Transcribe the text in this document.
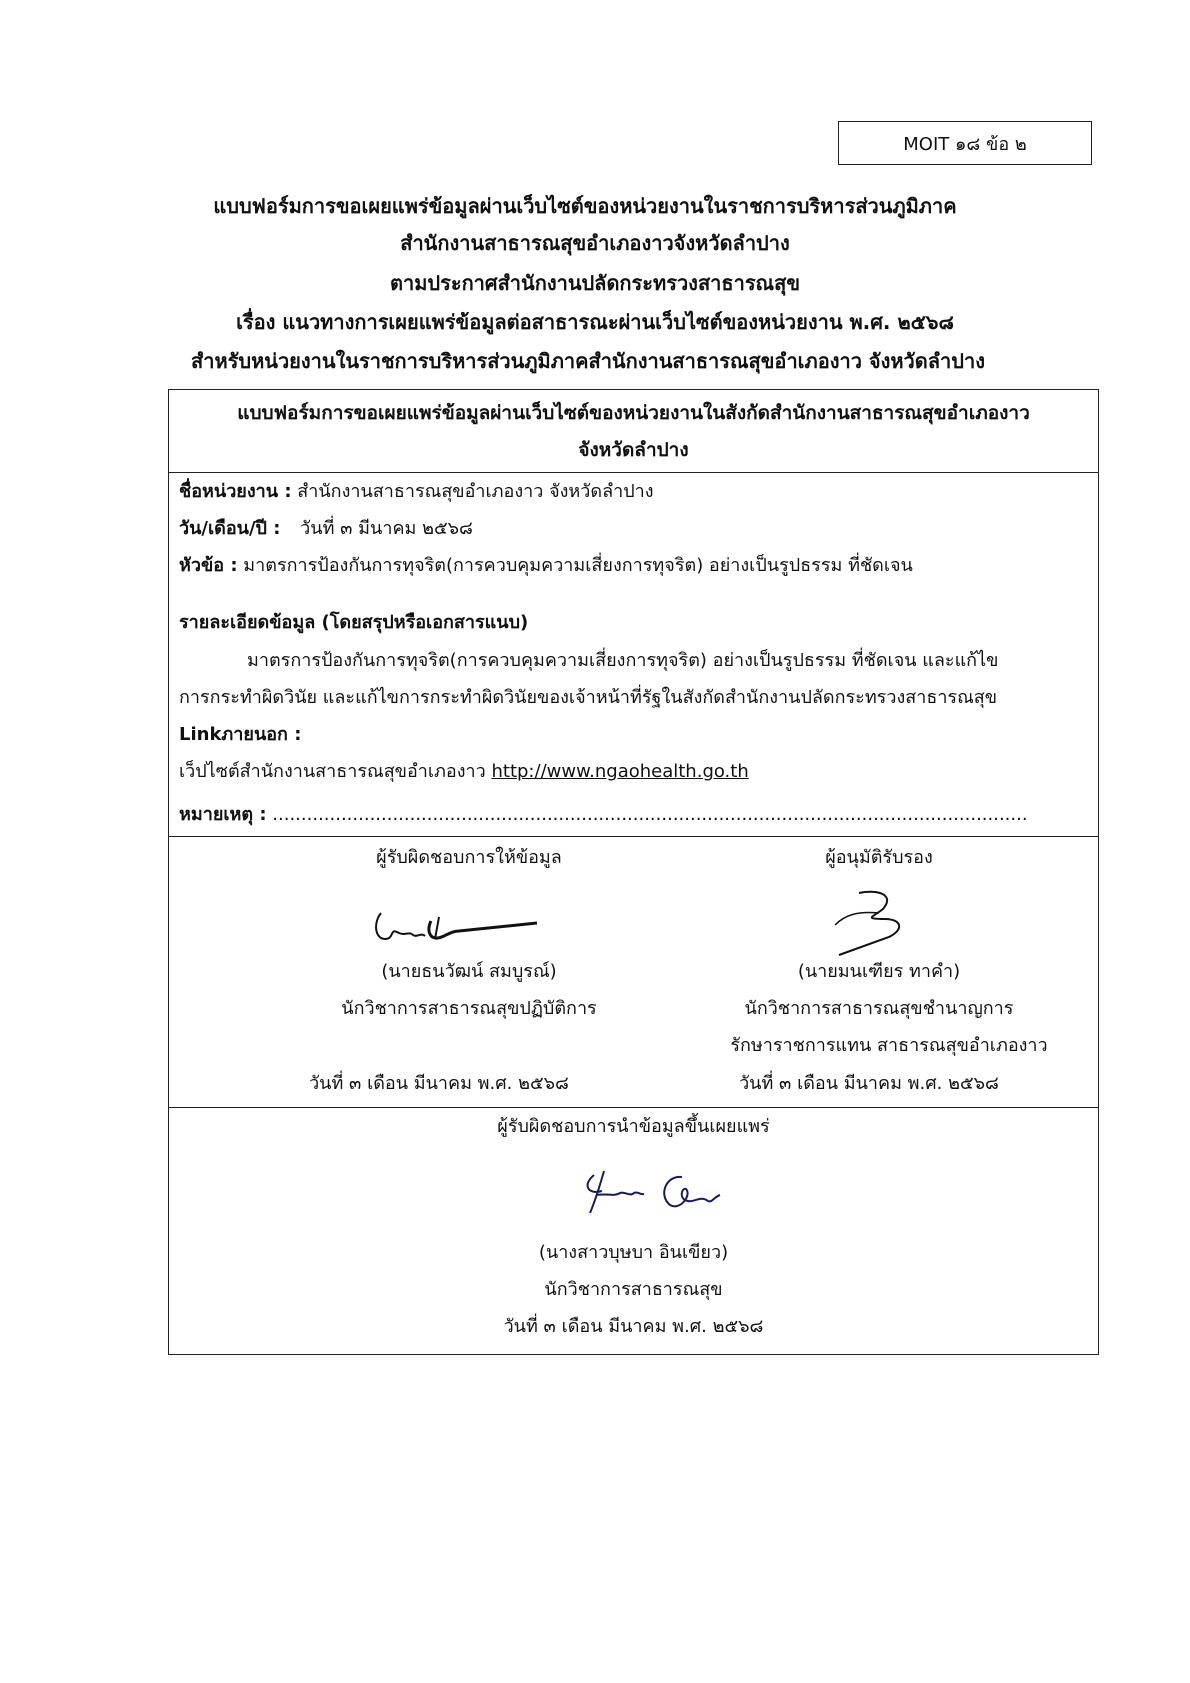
MOIT ๑๘ ข้อ ๒
แบบฟอร์มการขอเผยแพร่ข้อมูลผ่านเว็บไซต์ของหน่วยงานในราชการบริหารส่วนภูมิภาค
สำนักงานสาธารณสุขอำเภองาวจังหวัดลำปาง
ตามประกาศสำนักงานปลัดกระทรวงสาธารณสุข
เรื่อง แนวทางการเผยแพร่ข้อมูลต่อสาธารณะผ่านเว็บไซต์ของหน่วยงาน พ.ศ. ๒๕๖๘
สำหรับหน่วยงานในราชการบริหารส่วนภูมิภาคสำนักงานสาธารณสุขอำเภองาว จังหวัดลำปาง
แบบฟอร์มการขอเผยแพร่ข้อมูลผ่านเว็บไซต์ของหน่วยงานในสังกัดสำนักงานสาธารณสุขอำเภองาว
จังหวัดลำปาง
ชื่อหน่วยงาน : สำนักงานสาธารณสุขอำเภองาว จังหวัดลำปาง
วัน/เดือน/ปี : วันที่ ๓ มีนาคม ๒๕๖๘
หัวข้อ : มาตรการป้องกันการทุจริต(การควบคุมความเสี่ยงการทุจริต) อย่างเป็นรูปธรรม ที่ชัดเจน
รายละเอียดข้อมูล (โดยสรุปหรือเอกสารแนบ)
มาตรการป้องกันการทุจริต(การควบคุมความเสี่ยงการทุจริต) อย่างเป็นรูปธรรม ที่ชัดเจน และแก้ไข
การกระทำผิดวินัย และแก้ไขการกระทำผิดวินัยของเจ้าหน้าที่รัฐในสังกัดสำนักงานปลัดกระทรวงสาธารณสุข
Linkภายนอก :
เว็ปไซต์สำนักงานสาธารณสุขอำเภองาว http://www.ngaohealth.go.th
หมายเหตุ : ....................................................................................................................................
ผู้รับผิดชอบการให้ข้อมูล
(นายธนวัฒน์ สมบูรณ์)
นักวิชาการสาธารณสุขปฏิบัติการ
วันที่ ๓ เดือน มีนาคม พ.ศ. ๒๕๖๘
ผู้อนุมัติรับรอง
(นายมนเฑียร ทาคำ)
นักวิชาการสาธารณสุขชำนาญการ
รักษาราชการแทน สาธารณสุขอำเภองาว
วันที่ ๓ เดือน มีนาคม พ.ศ. ๒๕๖๘
ผู้รับผิดชอบการนำข้อมูลขึ้นเผยแพร่
(นางสาวบุษบา อินเขียว)
นักวิชาการสาธารณสุข
วันที่ ๓ เดือน มีนาคม พ.ศ. ๒๕๖๘
